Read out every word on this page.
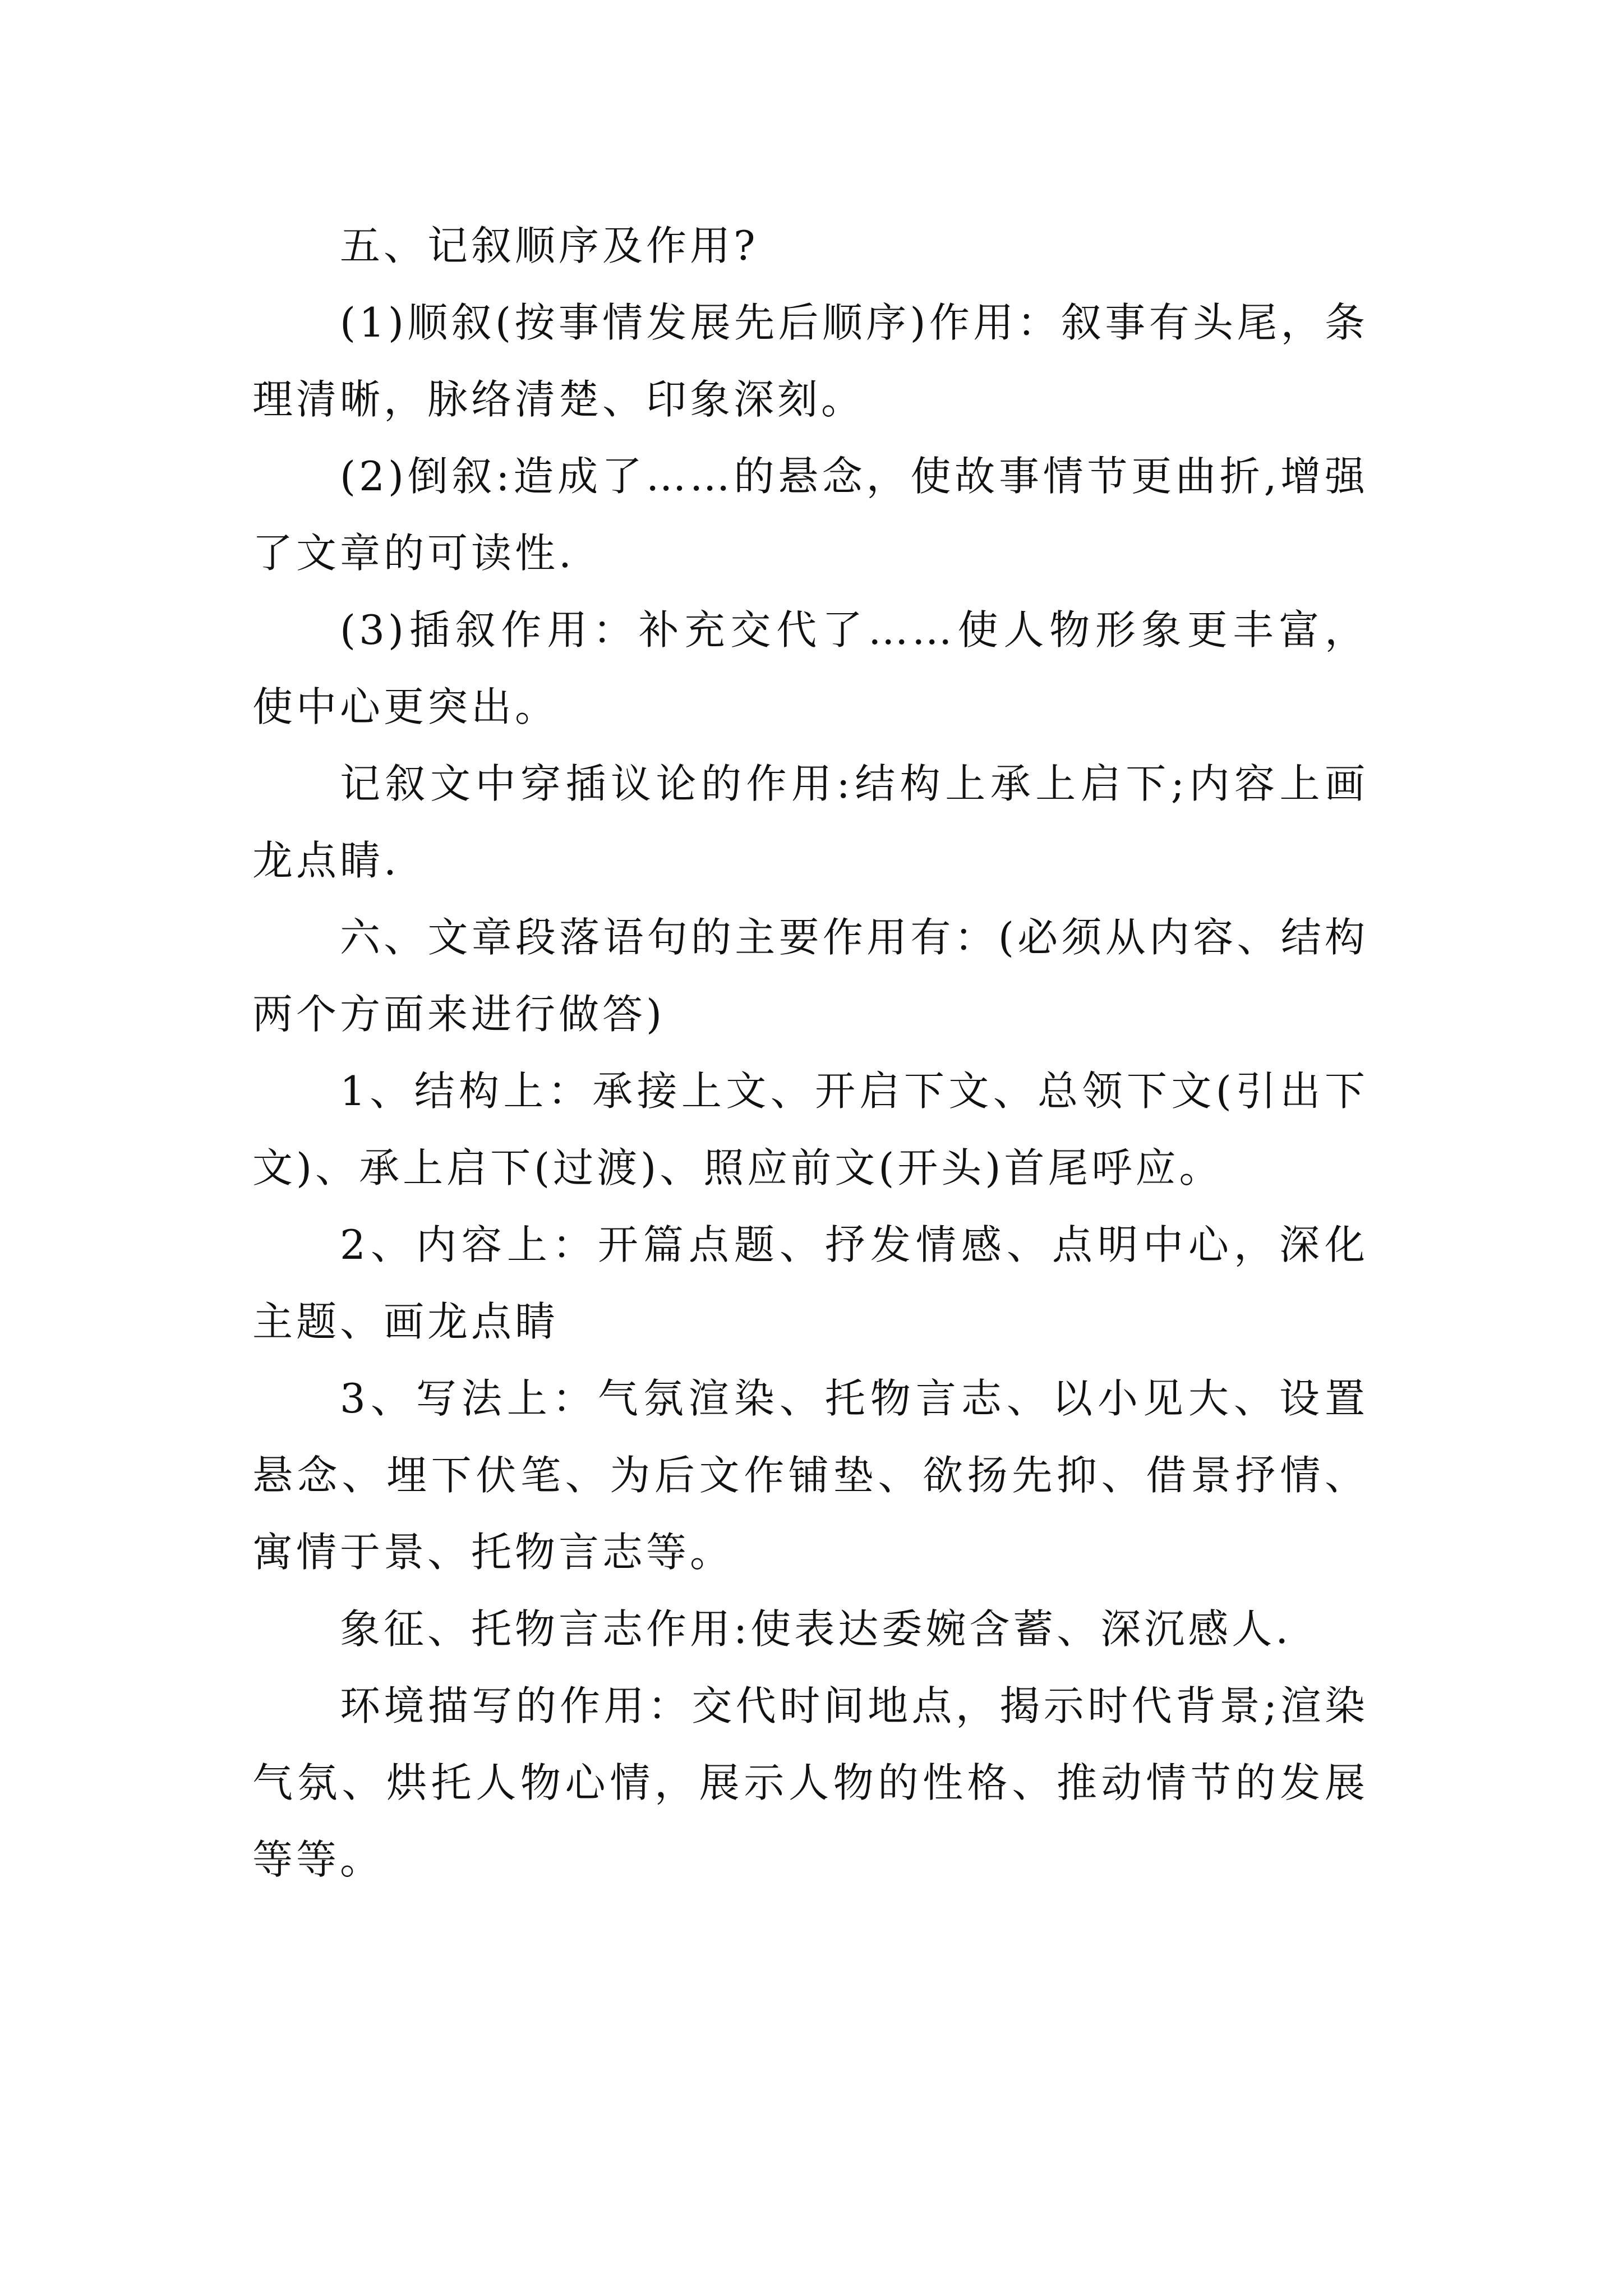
五、记叙顺序及作用?

(1)顺叙(按事情发展先后顺序)作用：叙事有头尾，条理清晰，脉络清楚、印象深刻。

(2)倒叙:造成了……的悬念，使故事情节更曲折,增强了文章的可读性.

(3)插叙作用：补充交代了……使人物形象更丰富，使中心更突出。

记叙文中穿插议论的作用:结构上承上启下;内容上画龙点睛.

六、文章段落语句的主要作用有：(必须从内容、结构两个方面来进行做答)

1、结构上：承接上文、开启下文、总领下文(引出下文)、承上启下(过渡)、照应前文(开头)首尾呼应。

2、内容上：开篇点题、抒发情感、点明中心，深化主题、画龙点睛

3、写法上：气氛渲染、托物言志、以小见大、设置悬念、埋下伏笔、为后文作铺垫、欲扬先抑、借景抒情、寓情于景、托物言志等。

象征、托物言志作用:使表达委婉含蓄、深沉感人.

环境描写的作用：交代时间地点，揭示时代背景;渲染气氛、烘托人物心情，展示人物的性格、推动情节的发展等等。
